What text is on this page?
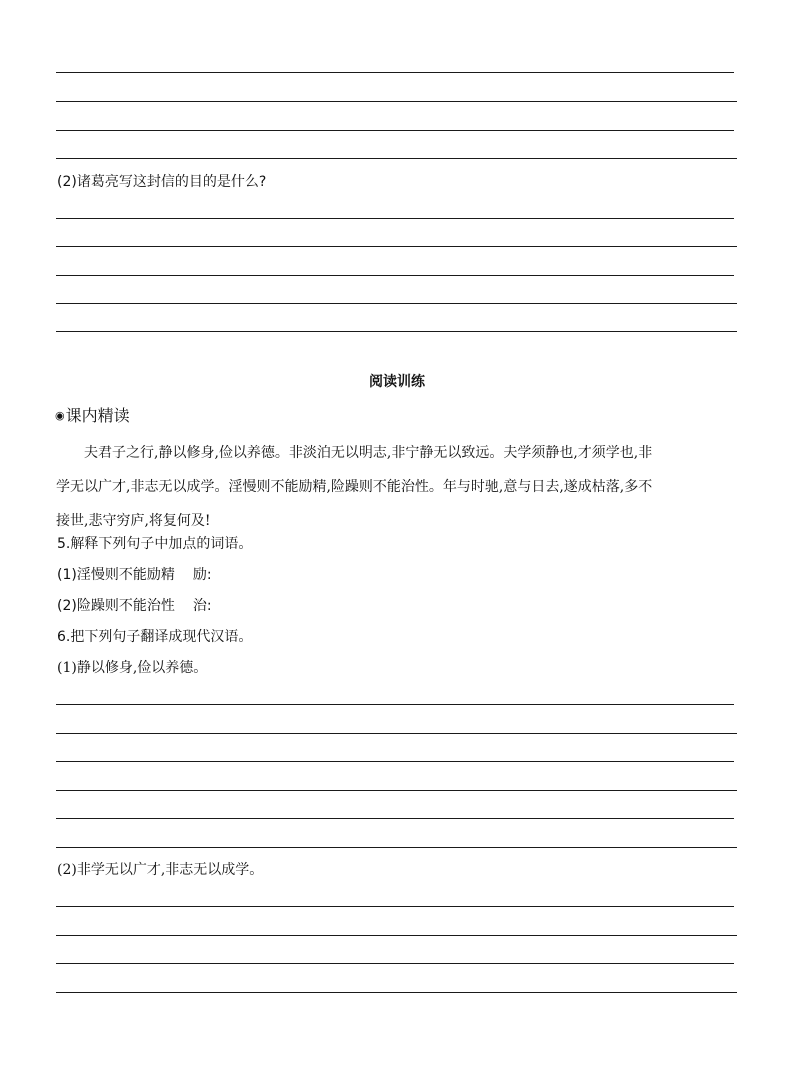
(2)诸葛亮写这封信的目的是什么?
阅读训练
◉课内精读

夫君子之行,静以修身,俭以养德。非淡泊无以明志,非宁静无以致远。夫学须静也,才须学也,非
学无以广才,非志无以成学。淫慢则不能励精,险躁则不能治性。年与时驰,意与日去,遂成枯落,多不
接世,悲守穷庐,将复何及!

5.解释下列句子中加点的词语。
(1)淫慢则不能励精 励:
(2)险躁则不能治性 治:
6.把下列句子翻译成现代汉语。
(1)静以修身,俭以养德。
(2)非学无以广才,非志无以成学。
